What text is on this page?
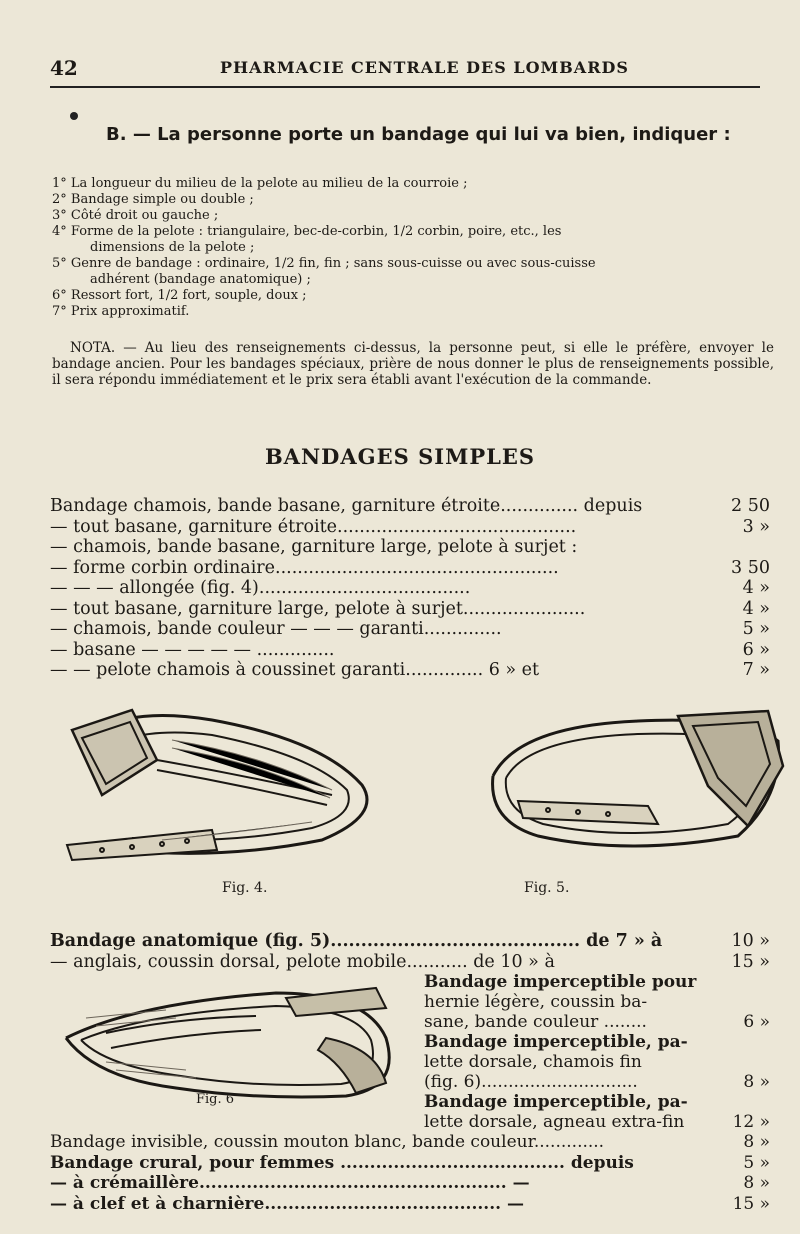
42	PHARMACIE CENTRALE DES LOMBARDS
B. — La personne porte un bandage qui lui va bien, indiquer :
1° La longueur du milieu de la pelote au milieu de la courroie ;
2° Bandage simple ou double ;
3° Côté droit ou gauche ;
4° Forme de la pelote : triangulaire, bec-de-corbin, 1/2 corbin, poire, etc., les
dimensions de la pelote ;
5° Genre de bandage : ordinaire, 1/2 fin, fin ; sans sous-cuisse ou avec sous-cuisse
adhérent (bandage anatomique) ;
6° Ressort fort, 1/2 fort, souple, doux ;
7° Prix approximatif.
NOTA. — Au lieu des renseignements ci-dessus, la personne peut, si elle le préfère, envoyer le bandage ancien. Pour les bandages spéciaux, prière de nous donner le plus de renseignements possible, il sera répondu immédiatement et le prix sera établi avant l'exécution de la commande.
BANDAGES SIMPLES
Bandage chamois, bande basane, garniture étroite.............. depuis	2 50
— tout basane, garniture étroite...........................................	3 »
— chamois, bande basane, garniture large, pelote à surjet :
— forme corbin ordinaire...................................................	3 50
— — — allongée (fig. 4)......................................	4 »
— tout basane, garniture large, pelote à surjet......................	4 »
— chamois, bande couleur — — — garanti..............	5 »
— basane — — — — — ..............	6 »
— — pelote chamois à coussinet garanti.............. 6 » et	7 »
Fig. 4.	Fig. 5.
Bandage anatomique (fig. 5)......................................... de 7 » à	10 »
— anglais, coussin dorsal, pelote mobile........... de 10 » à	15 »
Fig. 6
Bandage imperceptible pour
hernie légère, coussin ba-
sane, bande couleur ........	6 »
Bandage imperceptible, pa-
lette dorsale, chamois fin
(fig. 6).............................	8 »
Bandage imperceptible, pa-
lette dorsale, agneau extra-fin	12 »
Bandage invisible, coussin mouton blanc, bande couleur.............	8 »
Bandage crural, pour femmes ...................................... depuis	5 »
— à crémaillère.................................................... —	8 »
— à clef et à charnière........................................ —	15 »
